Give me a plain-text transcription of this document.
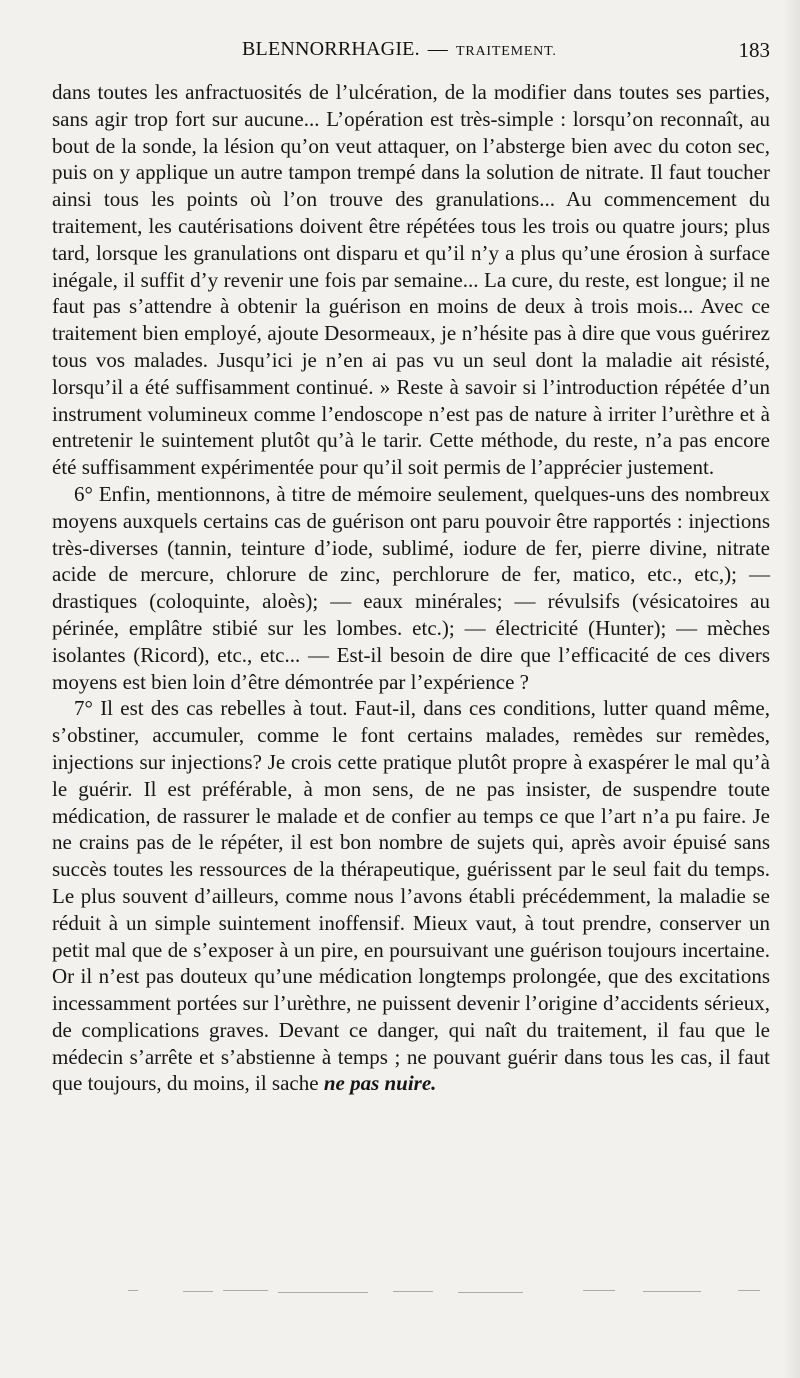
BLENNORRHAGIE. — TRAITEMENT.	183

dans toutes les anfractuosités de l’ulcération, de la modifier dans toutes ses parties, sans agir trop fort sur aucune... L’opération est très-simple : lorsqu’on reconnaît, au bout de la sonde, la lésion qu’on veut attaquer, on l’absterge bien avec du coton sec, puis on y applique un autre tampon trempé dans la solution de nitrate. Il faut toucher ainsi tous les points où l’on trouve des granulations... Au commencement du traitement, les cautérisations doivent être répétées tous les trois ou quatre jours; plus tard, lorsque les granulations ont disparu et qu’il n’y a plus qu’une érosion à surface inégale, il suffit d’y revenir une fois par semaine... La cure, du reste, est longue; il ne faut pas s’attendre à obtenir la guérison en moins de deux à trois mois... Avec ce traitement bien employé, ajoute Desormeaux, je n’hésite pas à dire que vous guérirez tous vos malades. Jusqu’ici je n’en ai pas vu un seul dont la maladie ait résisté, lorsqu’il a été suffisamment continué. » Reste à savoir si l’introduction répétée d’un instrument volumineux comme l’endoscope n’est pas de nature à irriter l’urèthre et à entretenir le suintement plutôt qu’à le tarir. Cette méthode, du reste, n’a pas encore été suffisamment expérimentée pour qu’il soit permis de l’apprécier justement.

6° Enfin, mentionnons, à titre de mémoire seulement, quelques-uns des nombreux moyens auxquels certains cas de guérison ont paru pouvoir être rapportés : injections très-diverses (tannin, teinture d’iode, sublimé, iodure de fer, pierre divine, nitrate acide de mercure, chlorure de zinc, perchlorure de fer, matico, etc., etc,); — drastiques (coloquinte, aloès); — eaux minérales; — révulsifs (vésicatoires au périnée, emplâtre stibié sur les lombes. etc.); — électricité (Hunter); — mèches isolantes (Ricord), etc., etc... — Est-il besoin de dire que l’efficacité de ces divers moyens est bien loin d’être démontrée par l’expérience ?

7° Il est des cas rebelles à tout. Faut-il, dans ces conditions, lutter quand même, s’obstiner, accumuler, comme le font certains malades, remèdes sur remèdes, injections sur injections? Je crois cette pratique plutôt propre à exaspérer le mal qu’à le guérir. Il est préférable, à mon sens, de ne pas insister, de suspendre toute médication, de rassurer le malade et de confier au temps ce que l’art n’a pu faire. Je ne crains pas de le répéter, il est bon nombre de sujets qui, après avoir épuisé sans succès toutes les ressources de la thérapeutique, guérissent par le seul fait du temps. Le plus souvent d’ailleurs, comme nous l’avons établi précédemment, la maladie se réduit à un simple suintement inoffensif. Mieux vaut, à tout prendre, conserver un petit mal que de s’exposer à un pire, en poursuivant une guérison toujours incertaine. Or il n’est pas douteux qu’une médication longtemps prolongée, que des excitations incessamment portées sur l’urèthre, ne puissent devenir l’origine d’accidents sérieux, de complications graves. Devant ce danger, qui naît du traitement, il fau que le médecin s’arrête et s’abstienne à temps ; ne pouvant guérir dans tous les cas, il faut que toujours, du moins, il sache ne pas nuire.
